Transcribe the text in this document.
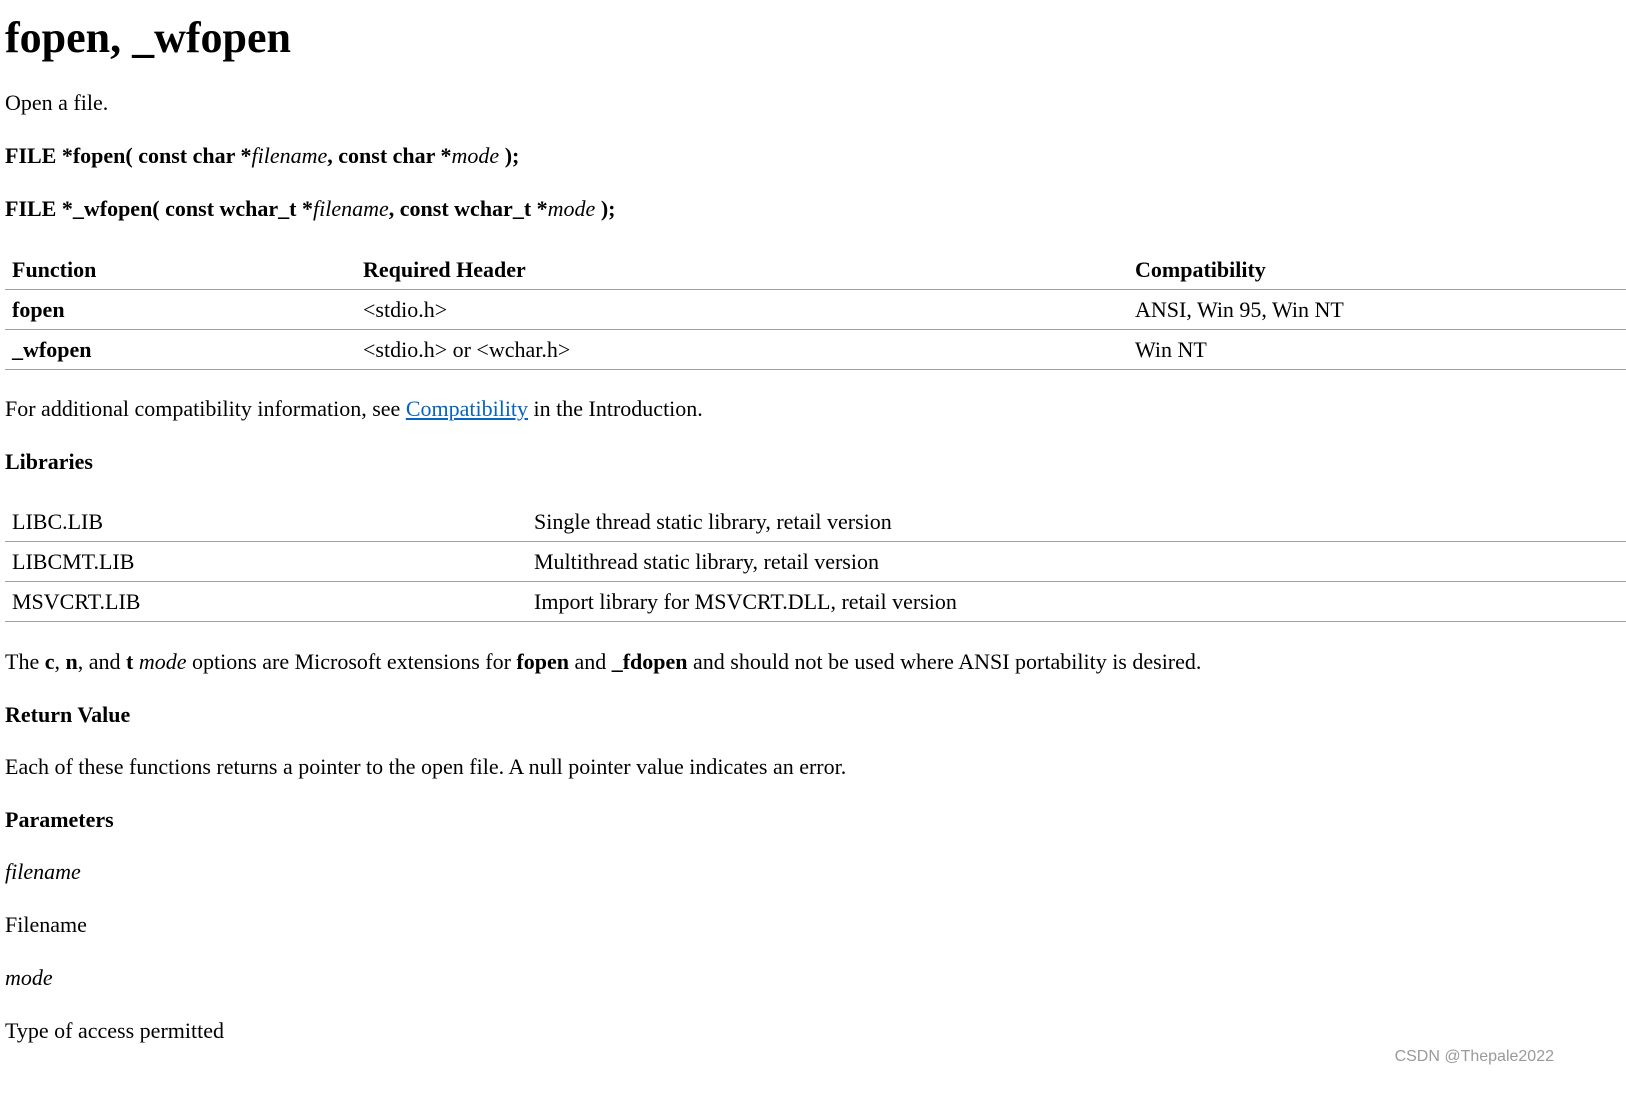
fopen, _wfopen
Open a file.
FILE *fopen( const char *filename, const char *mode );
FILE *_wfopen( const wchar_t *filename, const wchar_t *mode );
Function	Required Header	Compatibility
fopen	<stdio.h>	ANSI, Win 95, Win NT
_wfopen	<stdio.h> or <wchar.h>	Win NT
For additional compatibility information, see Compatibility in the Introduction.
Libraries
LIBC.LIB	Single thread static library, retail version
LIBCMT.LIB	Multithread static library, retail version
MSVCRT.LIB	Import library for MSVCRT.DLL, retail version
The c, n, and t mode options are Microsoft extensions for fopen and _fdopen and should not be used where ANSI portability is desired.
Return Value
Each of these functions returns a pointer to the open file. A null pointer value indicates an error.
Parameters
filename
Filename
mode
Type of access permitted
CSDN @Thepale2022
